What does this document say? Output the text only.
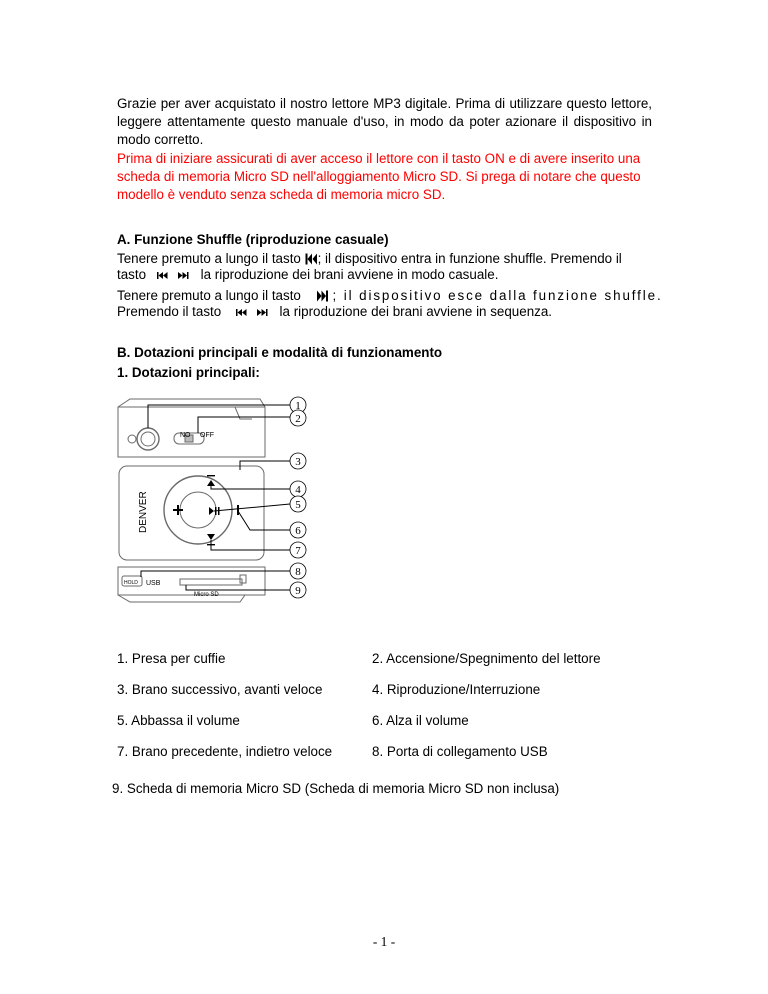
Grazie per aver acquistato il nostro lettore MP3 digitale. Prima di utilizzare questo lettore, leggere attentamente questo manuale d'uso, in modo da poter azionare il dispositivo in modo corretto.
Prima di iniziare assicurati di aver acceso il lettore con il tasto ON e di avere inserito una scheda di memoria Micro SD nell'alloggiamento Micro SD. Si prega di notare che questo modello è venduto senza scheda di memoria micro SD.
A. Funzione Shuffle (riproduzione casuale)
Tenere premuto a lungo il tasto ; il dispositivo entra in funzione shuffle. Premendo il
tasto	la riproduzione dei brani avviene in modo casuale.
Tenere premuto a lungo il tasto ; il dispositivo esce dalla funzione shuffle.
Premendo il tasto	la riproduzione dei brani avviene in sequenza.
B. Dotazioni principali e modalità di funzionamento
1. Dotazioni principali:
NO OFF
DENVER
HOLD USB
Micro SD
1
2
3
4
5
6
7
8
9
1. Presa per cuffie	2. Accensione/Spegnimento del lettore
3. Brano successivo, avanti veloce	4. Riproduzione/Interruzione
5. Abbassa il volume	6. Alza il volume
7. Brano precedente, indietro veloce	8. Porta di collegamento USB
9. Scheda di memoria Micro SD (Scheda di memoria Micro SD non inclusa)
- 1 -
